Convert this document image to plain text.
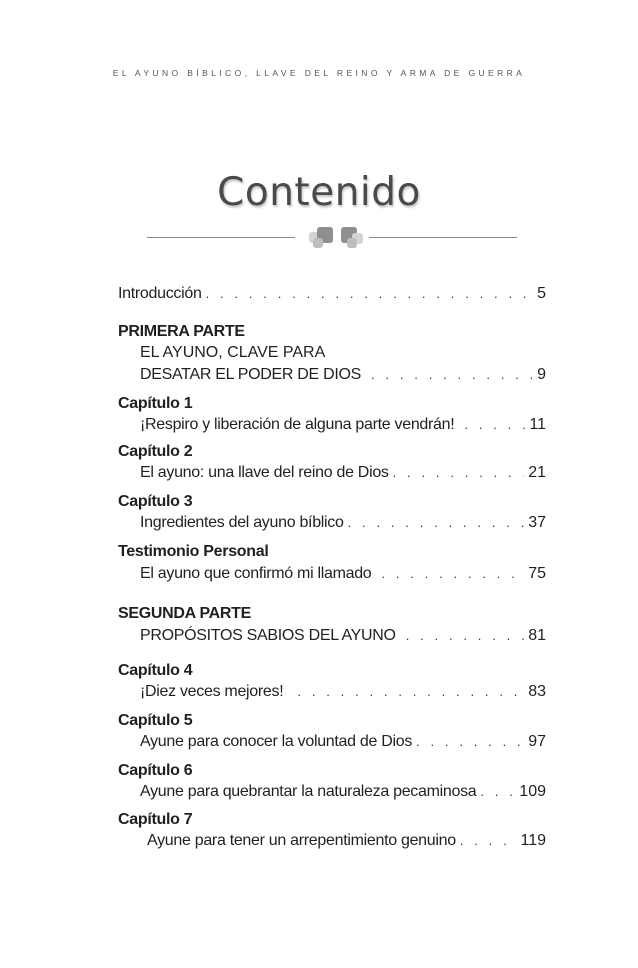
EL AYUNO BÍBLICO, LLAVE DEL REINO Y ARMA DE GUERRA
Contenido
Introducción . . .	5
PRIMERA PARTE
EL AYUNO, CLAVE PARA
DESATAR EL PODER DE DIOS . . .	9
Capítulo 1
¡Respiro y liberación de alguna parte vendrán! . . .	11
Capítulo 2
El ayuno: una llave del reino de Dios . . .	21
Capítulo 3
Ingredientes del ayuno bíblico . . .	37
Testimonio Personal
El ayuno que confirmó mi llamado . . .	75
SEGUNDA PARTE
PROPÓSITOS SABIOS DEL AYUNO . . .	81
Capítulo 4
¡Diez veces mejores! . . .	83
Capítulo 5
Ayune para conocer la voluntad de Dios . . .	97
Capítulo 6
Ayune para quebrantar la naturaleza pecaminosa . . .	109
Capítulo 7
Ayune para tener un arrepentimiento genuino . . .	119
